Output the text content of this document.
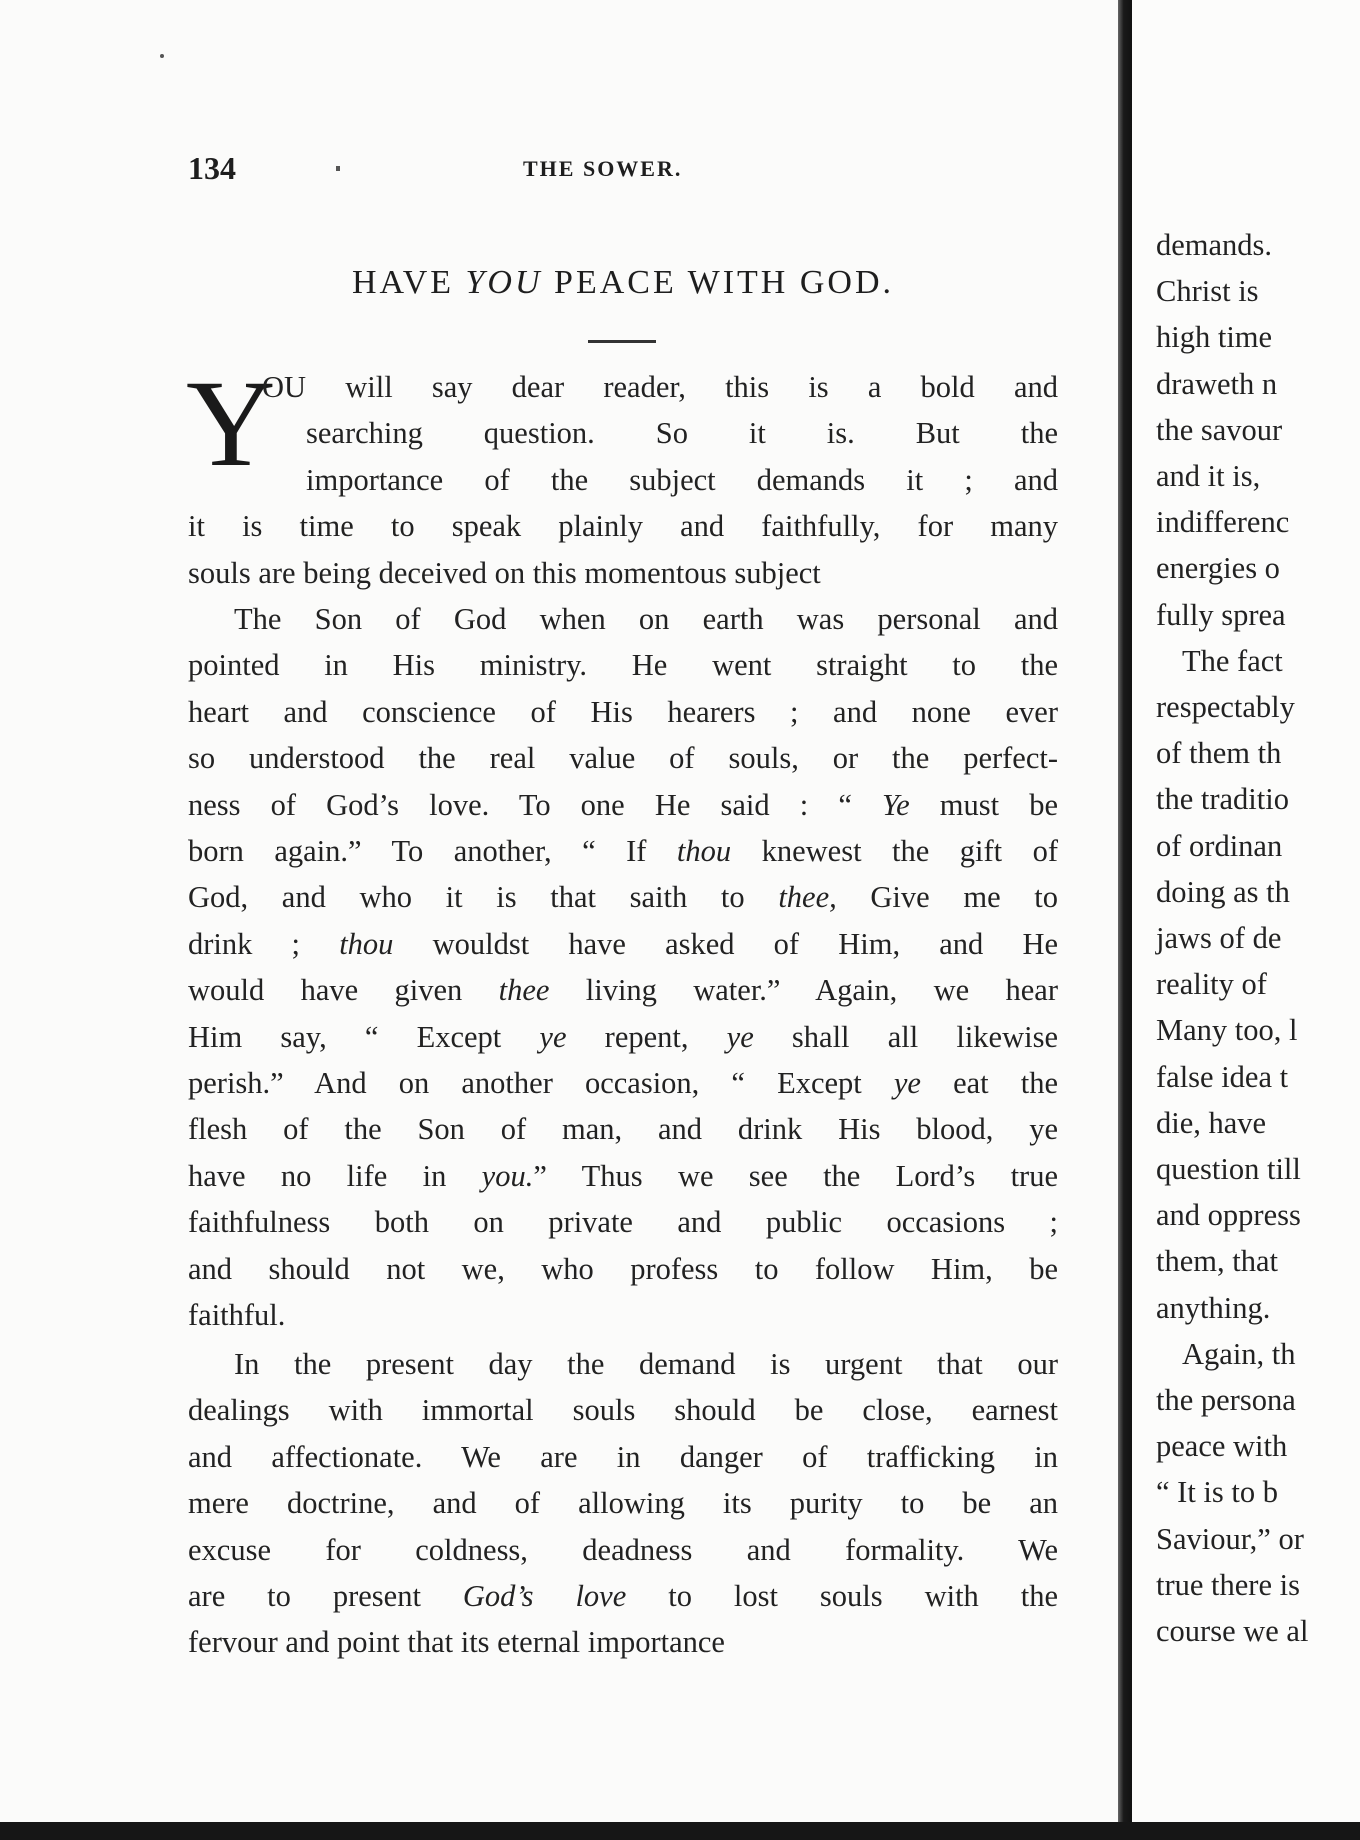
134	THE SOWER.
HAVE YOU PEACE WITH GOD.
Y
OU will say dear reader, this is a bold and
searching question. So it is. But the
importance of the subject demands it ; and
it is time to speak plainly and faithfully, for many
souls are being deceived on this momentous subject
The Son of God when on earth was personal and
pointed in His ministry. He went straight to the
heart and conscience of His hearers ; and none ever
so understood the real value of souls, or the perfect-
ness of God’s love. To one He said : “ Ye must be
born again.” To another, “ If thou knewest the gift of
God, and who it is that saith to thee, Give me to
drink ; thou wouldst have asked of Him, and He
would have given thee living water.” Again, we hear
Him say, “ Except ye repent, ye shall all likewise
perish.” And on another occasion, “ Except ye eat the
flesh of the Son of man, and drink His blood, ye
have no life in you.” Thus we see the Lord’s true
faithfulness both on private and public occasions ;
and should not we, who profess to follow Him, be
faithful.
In the present day the demand is urgent that our
dealings with immortal souls should be close, earnest
and affectionate. We are in danger of trafficking in
mere doctrine, and of allowing its purity to be an
excuse for coldness, deadness and formality. We
are to present God’s love to lost souls with the
fervour and point that its eternal importance
demands.
Christ is
high time
draweth n
the savour
and it is,
indifferenc
energies o
fully sprea
The fact
respectably
of them th
the traditio
of ordinan
doing as th
jaws of de
reality of
Many too, l
false idea t
die, have
question till
and oppress
them, that
anything.
Again, th
the persona
peace with
“ It is to b
Saviour,” or
true there is
course we al
